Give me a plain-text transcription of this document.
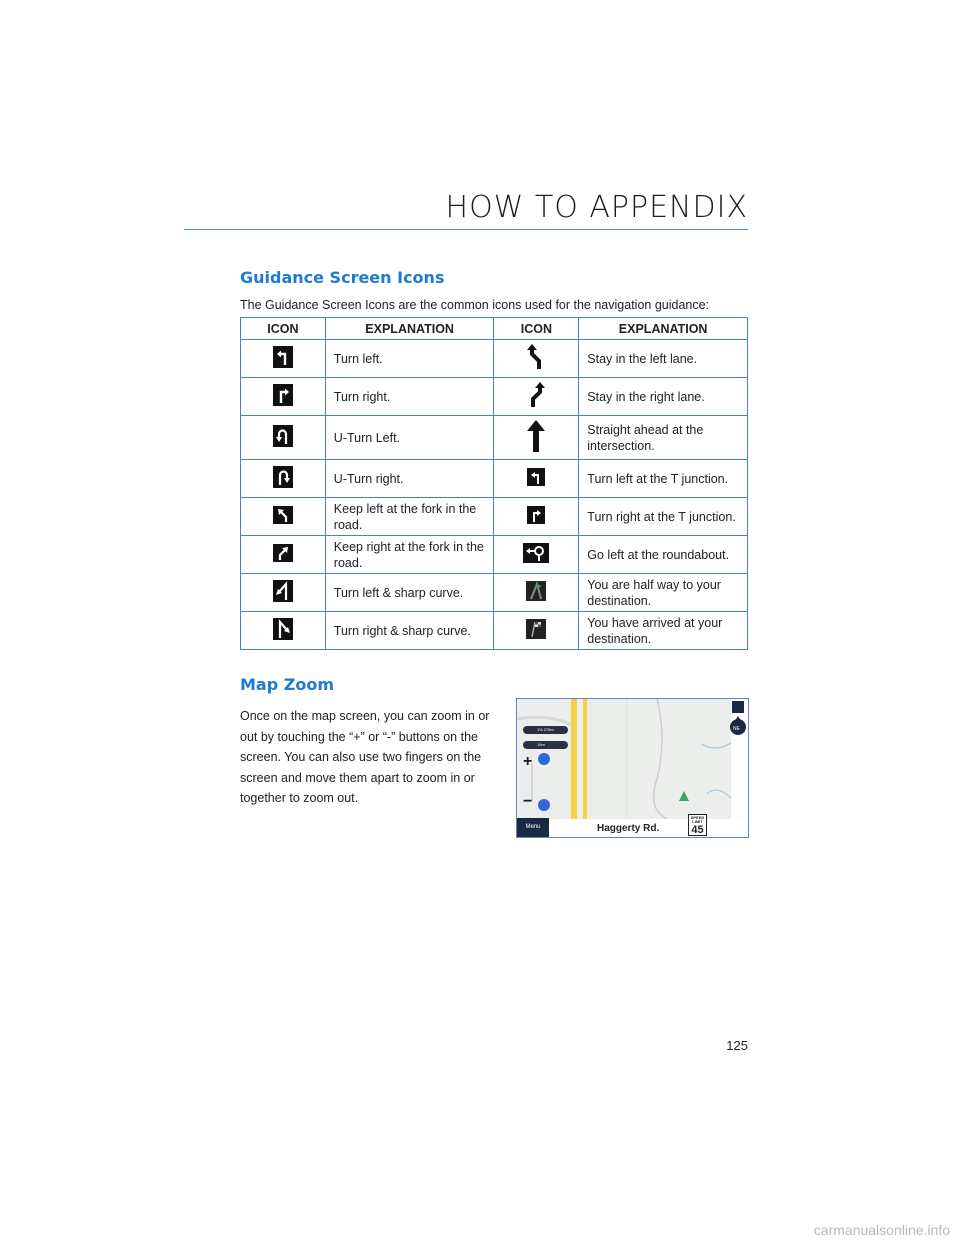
HOW TO APPENDIX
Guidance Screen Icons
The Guidance Screen Icons are the common icons used for the navigation guidance:
ICON	EXPLANATION	ICON	EXPLANATION
	Turn left.		Stay in the left lane.
	Turn right.		Stay in the right lane.
	U-Turn Left.		Straight ahead at the intersection.
	U-Turn right.		Turn left at the T junction.
	Keep left at the fork in the road.		Turn right at the T junction.
	Keep right at the fork in the road.		Go left at the roundabout.
	Turn left & sharp curve.		You are half way to your destination.
	Turn right & sharp curve.		You have arrived at your destination.
Map Zoom
Once on the map screen, you can zoom in or out by touching the “+” or “-” buttons on the screen. You can also use two fingers on the screen and move them apart to zoom in or together to zoom out.
NE
1½ 275m
15m
+
−
Menu	Haggerty Rd.
SPEED LIMIT
45
125
carmanualsonline.info
